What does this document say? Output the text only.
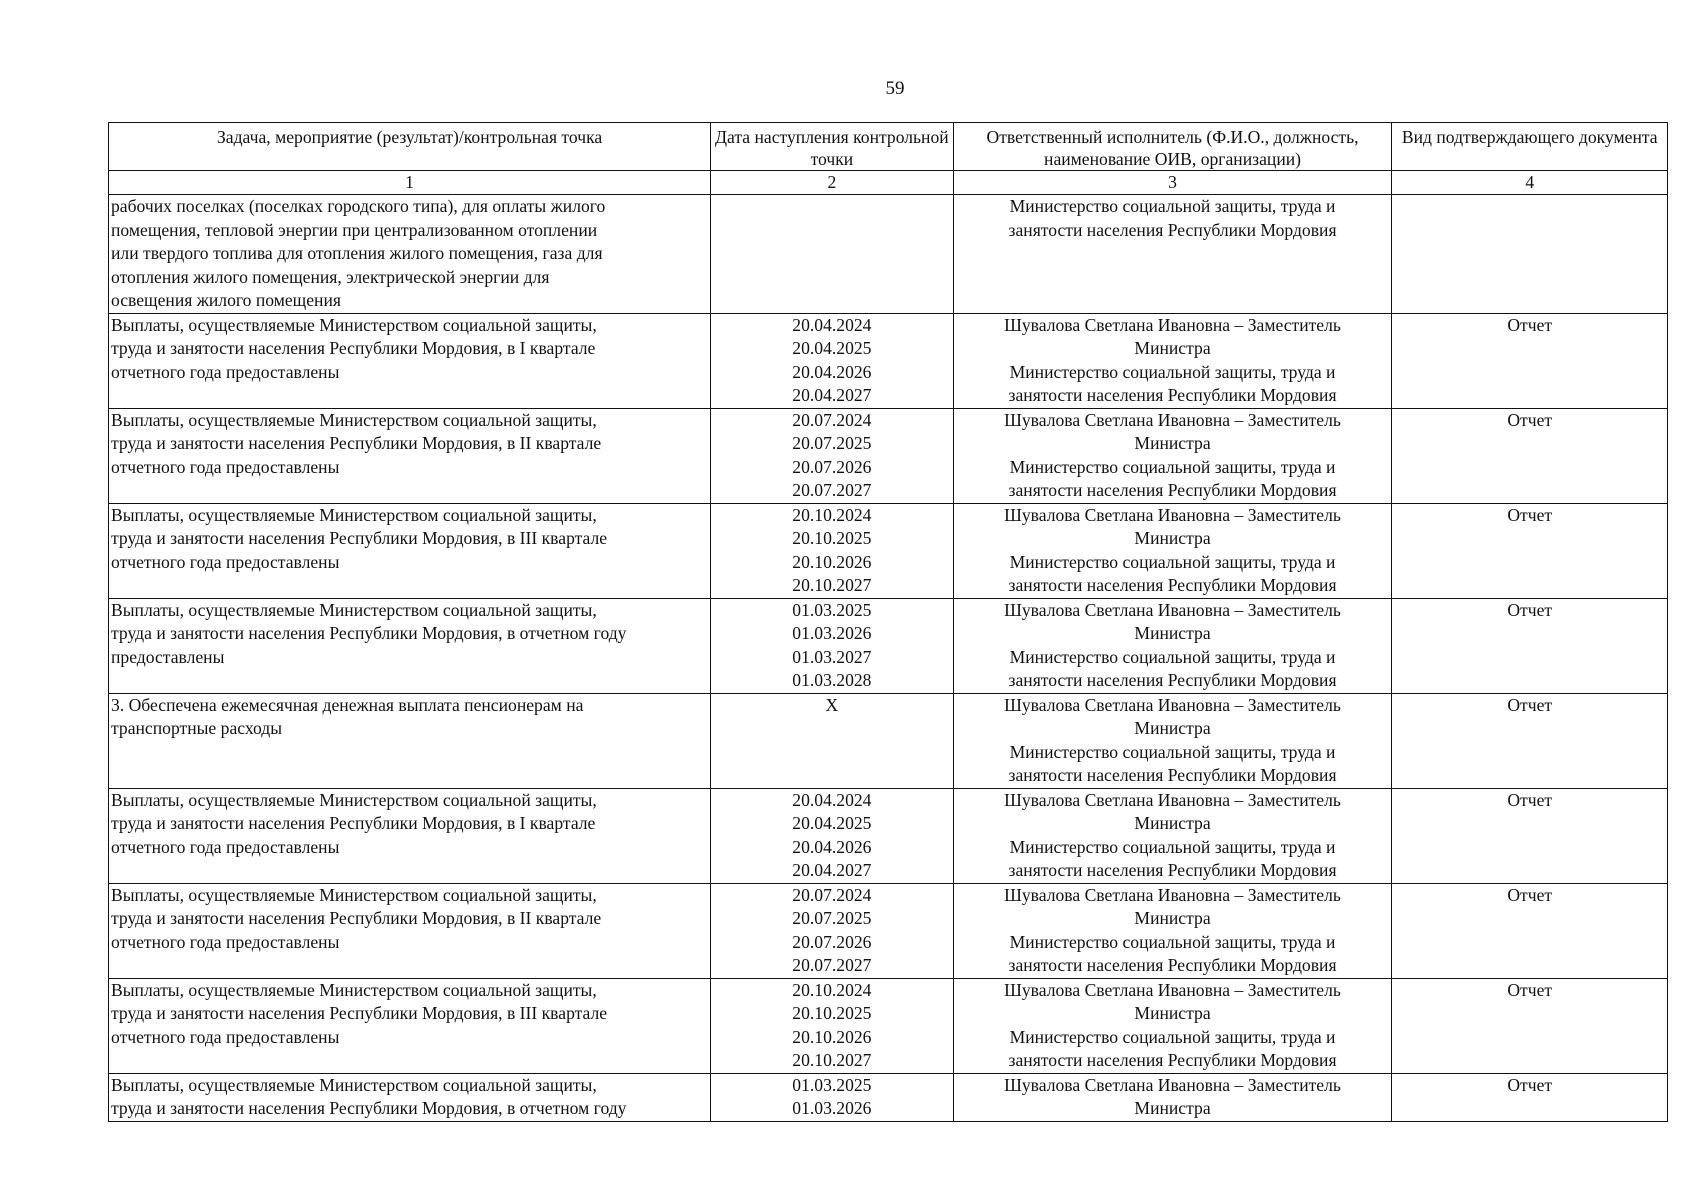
59
Задача, мероприятие (результат)/контрольная точка	Дата наступления контрольной точки	Ответственный исполнитель (Ф.И.О., должность, наименование ОИВ, организации)	Вид подтверждающего документа
1	2	3	4

рабочих поселках (поселках городского типа), для оплаты жилого
помещения, тепловой энергии при централизованном отоплении
или твердого топлива для отопления жилого помещения, газа для
отопления жилого помещения, электрической энергии для
освещения жилого помещения		Министерство социальной защиты, труда и
занятости населения Республики Мордовия	

Выплаты, осуществляемые Министерством социальной защиты,
труда и занятости населения Республики Мордовия, в I квартале
отчетного года предоставлены	20.04.2024
20.04.2025
20.04.2026
20.04.2027	Шувалова Светлана Ивановна – Заместитель
Министра
Министерство социальной защиты, труда и
занятости населения Республики Мордовия	Отчет

Выплаты, осуществляемые Министерством социальной защиты,
труда и занятости населения Республики Мордовия, в II квартале
отчетного года предоставлены	20.07.2024
20.07.2025
20.07.2026
20.07.2027	Шувалова Светлана Ивановна – Заместитель
Министра
Министерство социальной защиты, труда и
занятости населения Республики Мордовия	Отчет

Выплаты, осуществляемые Министерством социальной защиты,
труда и занятости населения Республики Мордовия, в III квартале
отчетного года предоставлены	20.10.2024
20.10.2025
20.10.2026
20.10.2027	Шувалова Светлана Ивановна – Заместитель
Министра
Министерство социальной защиты, труда и
занятости населения Республики Мордовия	Отчет

Выплаты, осуществляемые Министерством социальной защиты,
труда и занятости населения Республики Мордовия, в отчетном году
предоставлены	01.03.2025
01.03.2026
01.03.2027
01.03.2028	Шувалова Светлана Ивановна – Заместитель
Министра
Министерство социальной защиты, труда и
занятости населения Республики Мордовия	Отчет

3. Обеспечена ежемесячная денежная выплата пенсионерам на
транспортные расходы	X	Шувалова Светлана Ивановна – Заместитель
Министра
Министерство социальной защиты, труда и
занятости населения Республики Мордовия	Отчет

Выплаты, осуществляемые Министерством социальной защиты,
труда и занятости населения Республики Мордовия, в I квартале
отчетного года предоставлены	20.04.2024
20.04.2025
20.04.2026
20.04.2027	Шувалова Светлана Ивановна – Заместитель
Министра
Министерство социальной защиты, труда и
занятости населения Республики Мордовия	Отчет

Выплаты, осуществляемые Министерством социальной защиты,
труда и занятости населения Республики Мордовия, в II квартале
отчетного года предоставлены	20.07.2024
20.07.2025
20.07.2026
20.07.2027	Шувалова Светлана Ивановна – Заместитель
Министра
Министерство социальной защиты, труда и
занятости населения Республики Мордовия	Отчет

Выплаты, осуществляемые Министерством социальной защиты,
труда и занятости населения Республики Мордовия, в III квартале
отчетного года предоставлены	20.10.2024
20.10.2025
20.10.2026
20.10.2027	Шувалова Светлана Ивановна – Заместитель
Министра
Министерство социальной защиты, труда и
занятости населения Республики Мордовия	Отчет

Выплаты, осуществляемые Министерством социальной защиты,
труда и занятости населения Республики Мордовия, в отчетном году	01.03.2025
01.03.2026	Шувалова Светлана Ивановна – Заместитель
Министра	Отчет
